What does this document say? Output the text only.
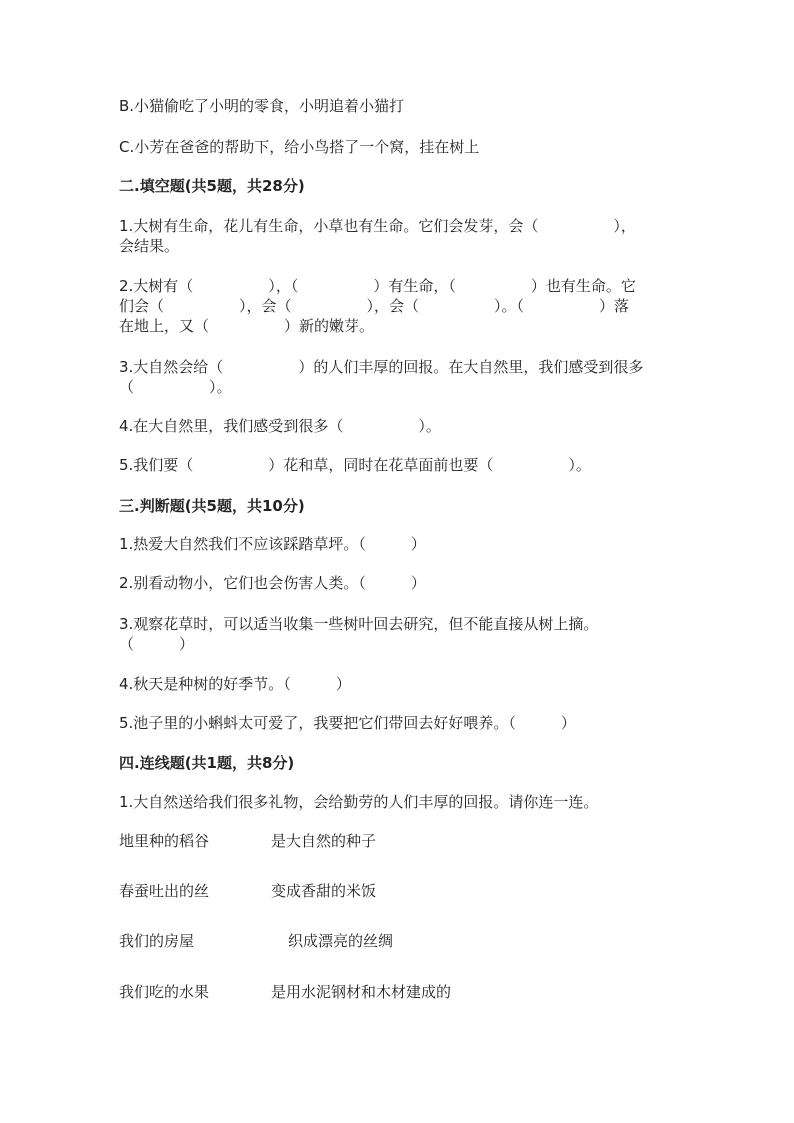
B.小猫偷吃了小明的零食，小明追着小猫打
C.小芳在爸爸的帮助下，给小鸟搭了一个窝，挂在树上
二.填空题(共5题，共28分)
1.大树有生命，花儿有生命，小草也有生命。它们会发芽，会（　　　　　），
会结果。
2.大树有（　　　　　），（　　　　　）有生命，（　　　　　）也有生命。它
们会（　　　　　），会（　　　　　），会（　　　　　）。（　　　　　）落
在地上，又（　　　　　）新的嫩芽。
3.大自然会给（　　　　　）的人们丰厚的回报。在大自然里，我们感受到很多
（　　　　　）。
4.在大自然里，我们感受到很多（　　　　　）。
5.我们要（　　　　　）花和草，同时在花草面前也要（　　　　　）。
三.判断题(共5题，共10分)
1.热爱大自然我们不应该踩踏草坪。（　　　）
2.别看动物小，它们也会伤害人类。（　　　）
3.观察花草时，可以适当收集一些树叶回去研究，但不能直接从树上摘。
（　　　）
4.秋天是种树的好季节。（　　　）
5.池子里的小蝌蚪太可爱了，我要把它们带回去好好喂养。（　　　）
四.连线题(共1题，共8分)
1.大自然送给我们很多礼物，会给勤劳的人们丰厚的回报。请你连一连。
地里种的稻谷	是大自然的种子
春蚕吐出的丝	变成香甜的米饭
我们的房屋	织成漂亮的丝绸
我们吃的水果	是用水泥钢材和木材建成的
